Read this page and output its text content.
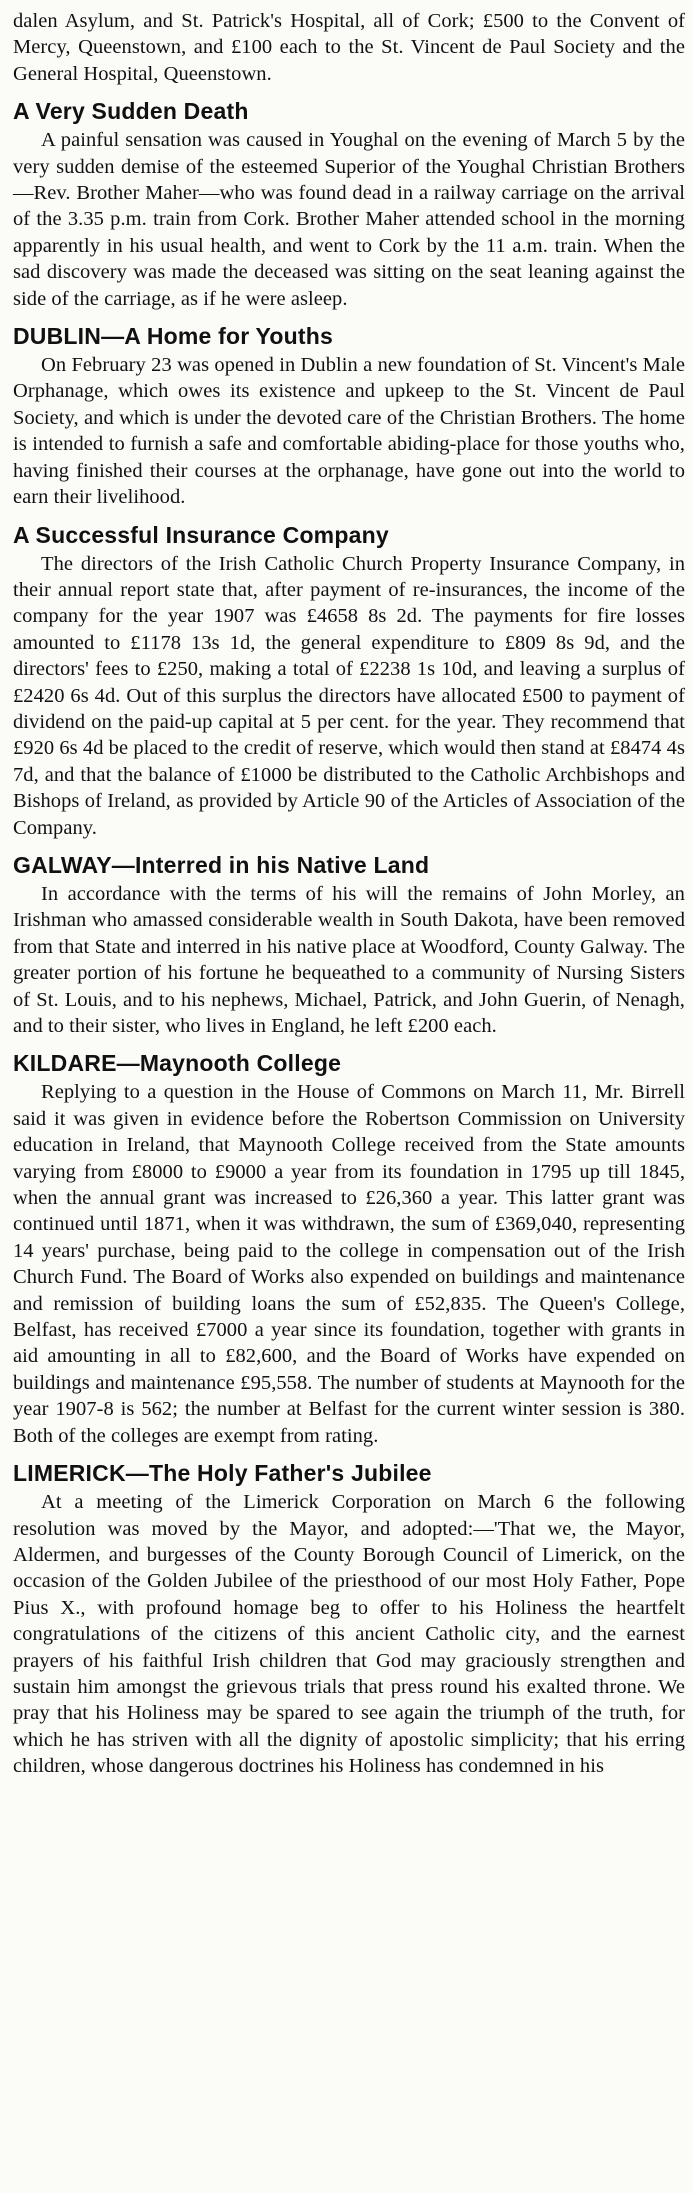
dalen Asylum, and St. Patrick's Hospital, all of Cork; £500 to the Convent of Mercy, Queenstown, and £100 each to the St. Vincent de Paul Society and the General Hospital, Queenstown.

A Very Sudden Death

A painful sensation was caused in Youghal on the evening of March 5 by the very sudden demise of the esteemed Superior of the Youghal Christian Brothers—Rev. Brother Maher—who was found dead in a railway carriage on the arrival of the 3.35 p.m. train from Cork. Brother Maher attended school in the morning apparently in his usual health, and went to Cork by the 11 a.m. train. When the sad discovery was made the deceased was sitting on the seat leaning against the side of the carriage, as if he were asleep.

DUBLIN—A Home for Youths

On February 23 was opened in Dublin a new foundation of St. Vincent's Male Orphanage, which owes its existence and upkeep to the St. Vincent de Paul Society, and which is under the devoted care of the Christian Brothers. The home is intended to furnish a safe and comfortable abiding-place for those youths who, having finished their courses at the orphanage, have gone out into the world to earn their livelihood.

A Successful Insurance Company

The directors of the Irish Catholic Church Property Insurance Company, in their annual report state that, after payment of re-insurances, the income of the company for the year 1907 was £4658 8s 2d. The payments for fire losses amounted to £1178 13s 1d, the general expenditure to £809 8s 9d, and the directors' fees to £250, making a total of £2238 1s 10d, and leaving a surplus of £2420 6s 4d. Out of this surplus the directors have allocated £500 to payment of dividend on the paid-up capital at 5 per cent. for the year. They recommend that £920 6s 4d be placed to the credit of reserve, which would then stand at £8474 4s 7d, and that the balance of £1000 be distributed to the Catholic Archbishops and Bishops of Ireland, as provided by Article 90 of the Articles of Association of the Company.

GALWAY—Interred in his Native Land

In accordance with the terms of his will the remains of John Morley, an Irishman who amassed considerable wealth in South Dakota, have been removed from that State and interred in his native place at Woodford, County Galway. The greater portion of his fortune he bequeathed to a community of Nursing Sisters of St. Louis, and to his nephews, Michael, Patrick, and John Guerin, of Nenagh, and to their sister, who lives in England, he left £200 each.

KILDARE—Maynooth College

Replying to a question in the House of Commons on March 11, Mr. Birrell said it was given in evidence before the Robertson Commission on University education in Ireland, that Maynooth College received from the State amounts varying from £8000 to £9000 a year from its foundation in 1795 up till 1845, when the annual grant was increased to £26,360 a year. This latter grant was continued until 1871, when it was withdrawn, the sum of £369,040, representing 14 years' purchase, being paid to the college in compensation out of the Irish Church Fund. The Board of Works also expended on buildings and maintenance and remission of building loans the sum of £52,835. The Queen's College, Belfast, has received £7000 a year since its foundation, together with grants in aid amounting in all to £82,600, and the Board of Works have expended on buildings and maintenance £95,558. The number of students at Maynooth for the year 1907-8 is 562; the number at Belfast for the current winter session is 380. Both of the colleges are exempt from rating.

LIMERICK—The Holy Father's Jubilee

At a meeting of the Limerick Corporation on March 6 the following resolution was moved by the Mayor, and adopted:—'That we, the Mayor, Aldermen, and burgesses of the County Borough Council of Limerick, on the occasion of the Golden Jubilee of the priesthood of our most Holy Father, Pope Pius X., with profound homage beg to offer to his Holiness the heartfelt congratulations of the citizens of this ancient Catholic city, and the earnest prayers of his faithful Irish children that God may graciously strengthen and sustain him amongst the grievous trials that press round his exalted throne. We pray that his Holiness may be spared to see again the triumph of the truth, for which he has striven with all the dignity of apostolic simplicity; that his erring children, whose dangerous doctrines his Holiness has condemned in his
